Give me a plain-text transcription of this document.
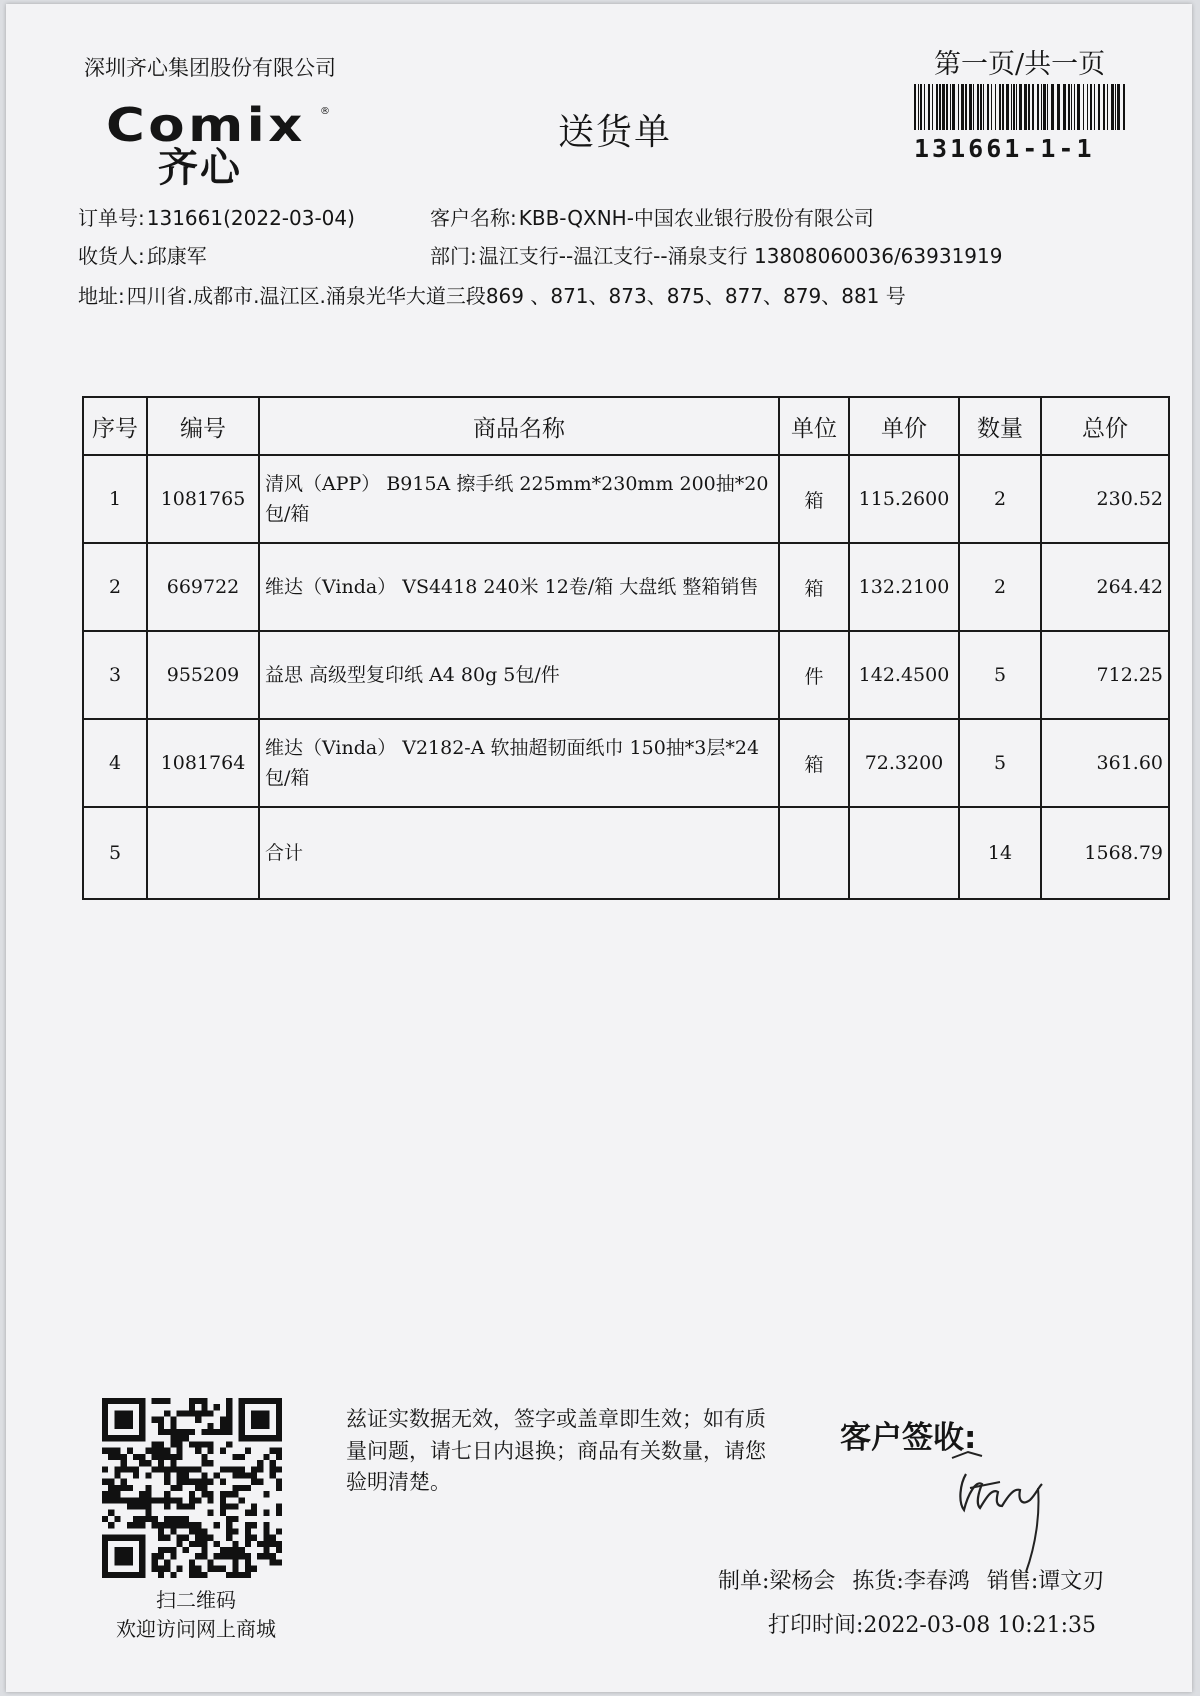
深圳齐心集团股份有限公司
Comix ®
齐心
送货单
第一页/共一页
131661-1-1
订单号: 131661(2022-03-04)	客户名称: KBB-QXNH-中国农业银行股份有限公司
收货人: 邱康军	部门: 温江支行--温江支行--涌泉支行 13808060036/63931919
地址: 四川省.成都市.温江区.涌泉光华大道三段869 、871、873、875、877、879、881 号
序号	编号	商品名称	单位	单价	数量	总价
1	1081765	清风（APP） B915A 擦手纸 225mm*230mm 200抽*20包/箱	箱	115.2600	2	230.52
2	669722	维达（Vinda） VS4418 240米 12卷/箱 大盘纸 整箱销售	箱	132.2100	2	264.42
3	955209	益思 高级型复印纸 A4 80g 5包/件	件	142.4500	5	712.25
4	1081764	维达（Vinda） V2182-A 软抽超韧面纸巾 150抽*3层*24包/箱	箱	72.3200	5	361.60
5		合计			14	1568.79
扫二维码
欢迎访问网上商城
兹证实数据无效，签字或盖章即生效；如有质量问题，请七日内退换；商品有关数量，请您验明清楚。
客户签收:
制单:梁杨会 拣货:李春鸿 销售:谭文刃
打印时间:2022-03-08 10:21:35
